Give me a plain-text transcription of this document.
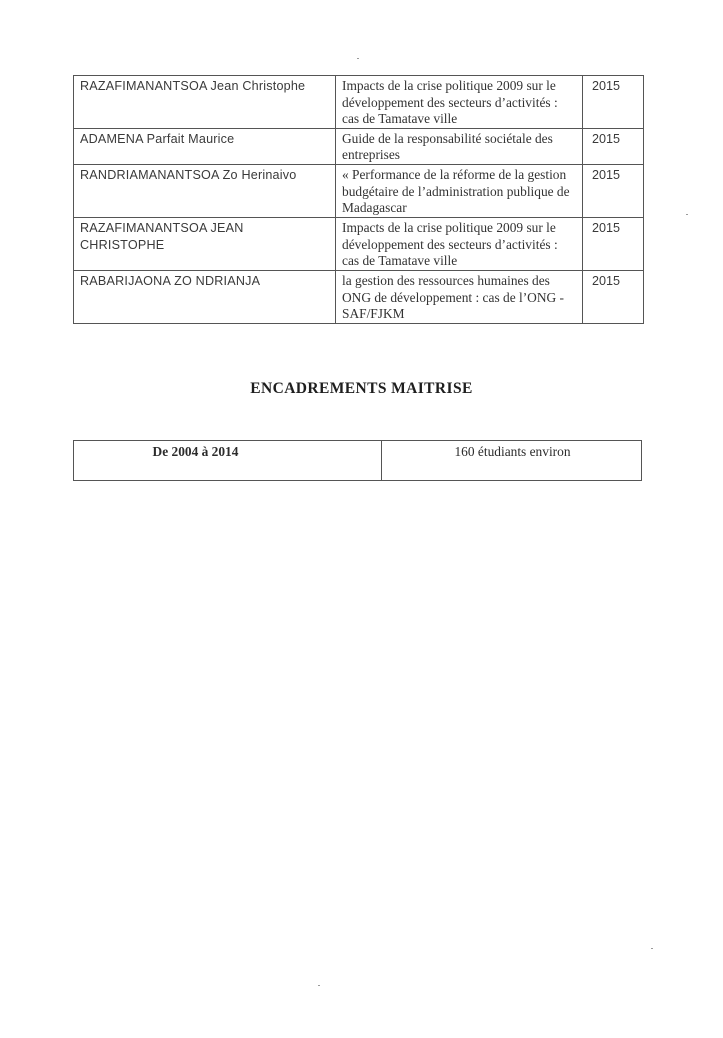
RAZAFIMANANTSOA Jean Christophe	Impacts de la crise politique 2009 sur le développement des secteurs d’activités : cas de Tamatave ville	2015
ADAMENA Parfait Maurice	Guide de la responsabilité sociétale des entreprises	2015
RANDRIAMANANTSOA Zo Herinaivo	« Performance de la réforme de la gestion budgétaire de l’administration publique de Madagascar	2015
RAZAFIMANANTSOA JEAN CHRISTOPHE	Impacts de la crise politique 2009 sur le développement des secteurs d’activités : cas de Tamatave ville	2015
RABARIJAONA ZO NDRIANJA	la gestion des ressources humaines des ONG de développement : cas de l’ONG - SAF/FJKM	2015
ENCADREMENTS MAITRISE
De 2004 à 2014	160 étudiants environ
